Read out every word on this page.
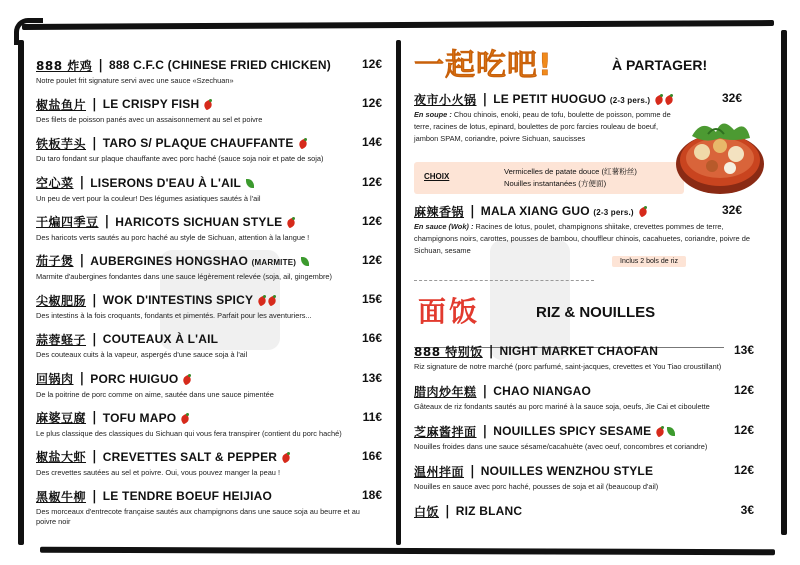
888 炸鸡 | 888 C.F.C (CHINESE FRIED CHICKEN)	12€
Notre poulet frit signature servi avec une sauce «Szechuan»
椒盐鱼片 | LE CRISPY FISH	12€
Des filets de poisson panés avec un assaisonnement au sel et poivre
铁板芋头 | TARO S/ PLAQUE CHAUFFANTE	14€
Du taro fondant sur plaque chauffante avec porc haché (sauce soja noir et pate de soja)
空心菜 | LISERONS D'EAU À L'AIL	12€
Un peu de vert pour la couleur! Des légumes asiatiques sautés à l'ail
干煸四季豆 | HARICOTS SICHUAN STYLE	12€
Des haricots verts sautés au porc haché au style de Sichuan, attention à la langue !
茄子煲 | AUBERGINES HONGSHAO (MARMITE)	12€
Marmite d'aubergines fondantes dans une sauce légèrement relevée (soja, ail, gingembre)
尖椒肥肠 | WOK D'INTESTINS SPICY	15€
Des intestins à la fois croquants, fondants et pimentés. Parfait pour les aventuriers...
蒜蓉蛏子 | COUTEAUX À L'AIL	16€
Des couteaux cuits à la vapeur, aspergés d'une sauce soja à l'ail
回锅肉 | PORC HUIGUO	13€
De la poitrine de porc comme on aime, sautée dans une sauce pimentée
麻婆豆腐 | TOFU MAPO	11€
Le plus classique des classiques du Sichuan qui vous fera transpirer (contient du porc haché)
椒盐大虾 | CREVETTES SALT & PEPPER	16€
Des crevettes sautées au sel et poivre. Oui, vous pouvez manger la peau !
黑椒牛柳 | LE TENDRE BOEUF HEIJIAO	18€
Des morceaux d'entrecote française sautés aux champignons dans une sauce soja au beurre et au poivre noir
一起吃吧!	À PARTAGER!
夜市小火锅 | LE PETIT HUOGUO (2-3 pers.)	32€
En soupe : Chou chinois, enoki, peau de tofu, boulette de poisson, pomme de terre, racines de lotus, epinard, boulettes de porc farcies rouleau de boeuf, jambon SPAM, coriandre, poivre Sichuan, saucisses
CHOIX
Vermicelles de patate douce (红薯粉丝)
Nouilles instantanées (方便面)
麻辣香锅 | MALA XIANG GUO (2-3 pers.)	32€
En sauce (Wok) : Racines de lotus, poulet, champignons shiitake, crevettes pommes de terre, champignons noirs, carottes, pousses de bambou, chouffleur chinois, cacahuetes, coriandre, poivre de Sichuan, sesame
Inclus 2 bols de riz
面饭	RIZ & NOUILLES
888 特别饭 | NIGHT MARKET CHAOFAN	13€
Riz signature de notre marché (porc parfumé, saint-jacques, crevettes et You Tiao croustillant)
腊肉炒年糕 | CHAO NIANGAO	12€
Gâteaux de riz fondants sautés au porc mariné à la sauce soja, oeufs, Jie Cai et ciboulette
芝麻酱拌面 | NOUILLES SPICY SESAME	12€
Nouilles froides dans une sauce sésame/cacahuète (avec oeuf, concombres et coriandre)
温州拌面 | NOUILLES WENZHOU STYLE	12€
Nouilles en sauce avec porc haché, pousses de soja et ail (beaucoup d'ail)
白饭 | RIZ BLANC	3€
